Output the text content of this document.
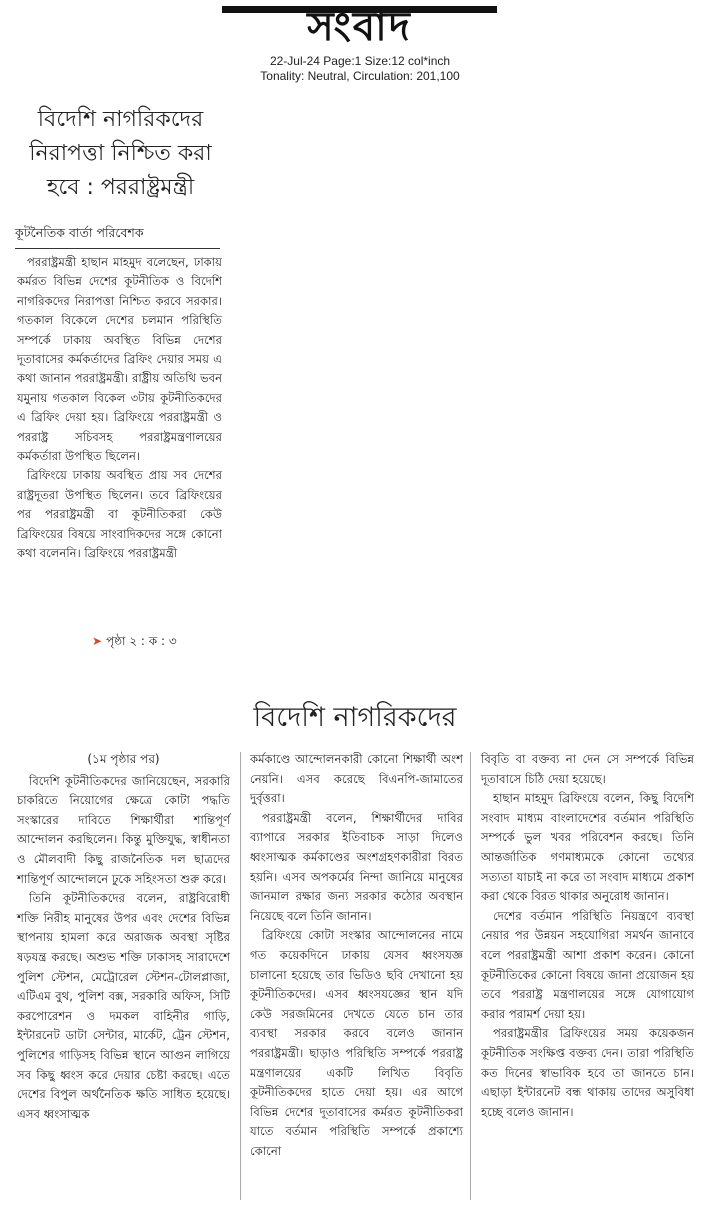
সংবাদ
22-Jul-24 Page:1 Size:12 col*inch
Tonality: Neutral, Circulation: 201,100
বিদেশি নাগরিকদের নিরাপত্তা নিশ্চিত করা হবে : পররাষ্ট্রমন্ত্রী
কূটনৈতিক বার্তা পরিবেশক

পররাষ্ট্রমন্ত্রী হাছান মাহমুদ বলেছেন, ঢাকায় কর্মরত বিভিন্ন দেশের কূটনীতিক ও বিদেশি নাগরিকদের নিরাপত্তা নিশ্চিত করবে সরকার। গতকাল বিকেলে দেশের চলমান পরিস্থিতি সম্পর্কে ঢাকায় অবস্থিত বিভিন্ন দেশের দূতাবাসের কর্মকর্তাদের ব্রিফিং দেয়ার সময় এ কথা জানান পররাষ্ট্রমন্ত্রী। রাষ্ট্রীয় অতিথি ভবন যমুনায় গতকাল বিকেল ৩টায় কূটনীতিকদের এ ব্রিফিং দেয়া হয়। ব্রিফিংয়ে পররাষ্ট্রমন্ত্রী ও পররাষ্ট্র সচিবসহ পররাষ্ট্রমন্ত্রণালয়ের কর্মকর্তারা উপস্থিত ছিলেন।

ব্রিফিংয়ে ঢাকায় অবস্থিত প্রায় সব দেশের রাষ্ট্রদূতরা উপস্থিত ছিলেন। তবে ব্রিফিংয়ের পর পররাষ্ট্রমন্ত্রী বা কূটনীতিকরা কেউ ব্রিফিংয়ের বিষয়ে সাংবাদিকদের সঙ্গে কোনো কথা বলেননি। ব্রিফিংয়ে পররাষ্ট্রমন্ত্রী

➤ পৃষ্ঠা ২ : ক : ৩
বিদেশি নাগরিকদের
(১ম পৃষ্ঠার পর)

বিদেশি কূটনীতিকদের জানিয়েছেন, সরকারি চাকরিতে নিয়োগের ক্ষেত্রে কোটা পদ্ধতি সংস্কারের দাবিতে শিক্ষার্থীরা শান্তিপূর্ণ আন্দোলন করছিলেন। কিন্তু মুক্তিযুদ্ধ, স্বাধীনতা ও মৌলবাদী কিছু রাজনৈতিক দল ছাত্রদের শান্তিপূর্ণ আন্দোলনে ঢুকে সহিংসতা শুরু করে।

তিনি কূটনীতিকদের বলেন, রাষ্ট্রবিরোধী শক্তি নিরীহ মানুষের উপর এবং দেশের বিভিন্ন স্থাপনায় হামলা করে অরাজক অবস্থা সৃষ্টির ষড়যন্ত্র করছে। অশুভ শক্তি ঢাকাসহ সারাদেশে পুলিশ স্টেশন, মেট্রোরেল স্টেশন-টোলপ্লাজা, এটিএম বুথ, পুলিশ বক্স, সরকারি অফিস, সিটি করপোরেশন ও দমকল বাহিনীর গাড়ি, ইন্টারনেট ডাটা সেন্টার, মার্কেট, ট্রেন স্টেশন, পুলিশের গাড়িসহ বিভিন্ন স্থানে আগুন লাগিয়ে সব কিছু ধ্বংস করে দেয়ার চেষ্টা করছে। এতে দেশের বিপুল অর্থনৈতিক ক্ষতি সাধিত হয়েছে। এসব ধ্বংসাত্মক

কর্মকাণ্ডে আন্দোলনকারী কোনো শিক্ষার্থী অংশ নেয়নি। এসব করেছে বিএনপি-জামাতের দুর্বৃত্তরা।

পররাষ্ট্রমন্ত্রী বলেন, শিক্ষার্থীদের দাবির ব্যাপারে সরকার ইতিবাচক সাড়া দিলেও ধ্বংসাত্মক কর্মকাণ্ডের অংশগ্রহণকারীরা বিরত হয়নি। এসব অপকর্মের নিন্দা জানিয়ে মানুষের জানমাল রক্ষার জন্য সরকার কঠোর অবস্থান নিয়েছে বলে তিনি জানান।

ব্রিফিংয়ে কোটা সংস্কার আন্দোলনের নামে গত কয়েকদিনে ঢাকায় যেসব ধ্বংসযজ্ঞ চালানো হয়েছে তার ভিডিও ছবি দেখানো হয় কূটনীতিকদের। এসব ধ্বংসযজ্ঞের স্থান যদি কেউ সরজমিনের দেখতে যেতে চান তার ব্যবস্থা সরকার করবে বলেও জানান পররাষ্ট্রমন্ত্রী। ছাড়াও পরিস্থিতি সম্পর্কে পররাষ্ট্র মন্ত্রণালয়ের একটি লিখিত বিবৃতি কূটনীতিকদের হাতে দেয়া হয়। এর আগে বিভিন্ন দেশের দূতাবাসের কর্মরত কূটনীতিকরা যাতে বর্তমান পরিস্থিতি সম্পর্কে প্রকাশ্যে কোনো

বিবৃতি বা বক্তব্য না দেন সে সম্পর্কে বিভিন্ন দূতাবাসে চিঠি দেয়া হয়েছে।

হাছান মাহমুদ ব্রিফিংয়ে বলেন, কিছু বিদেশি সংবাদ মাধ্যম বাংলাদেশের বর্তমান পরিস্থিতি সম্পর্কে ভুল খবর পরিবেশন করছে। তিনি আন্তর্জাতিক গণমাধ্যমকে কোনো তথ্যের সত্যতা যাচাই না করে তা সংবাদ মাধ্যমে প্রকাশ করা থেকে বিরত থাকার অনুরোধ জানান।

দেশের বর্তমান পরিস্থিতি নিয়ন্ত্রণে ব্যবস্থা নেয়ার পর উন্নয়ন সহযোগিরা সমর্থন জানাবে বলে পররাষ্ট্রমন্ত্রী আশা প্রকাশ করেন। কোনো কূটনীতিকের কোনো বিষয়ে জানা প্রয়োজন হয় তবে পররাষ্ট্র মন্ত্রণালয়ের সঙ্গে যোগাযোগ করার পরামর্শ দেয়া হয়।

পররাষ্ট্রমন্ত্রীর ব্রিফিংয়ের সময় কয়েকজন কূটনীতিক সংক্ষিপ্ত বক্তব্য দেন। তারা পরিস্থিতি কত দিনের স্বাভাবিক হবে তা জানতে চান। এছাড়া ইন্টারনেট বন্ধ থাকায় তাদের অসুবিধা হচ্ছে বলেও জানান।
